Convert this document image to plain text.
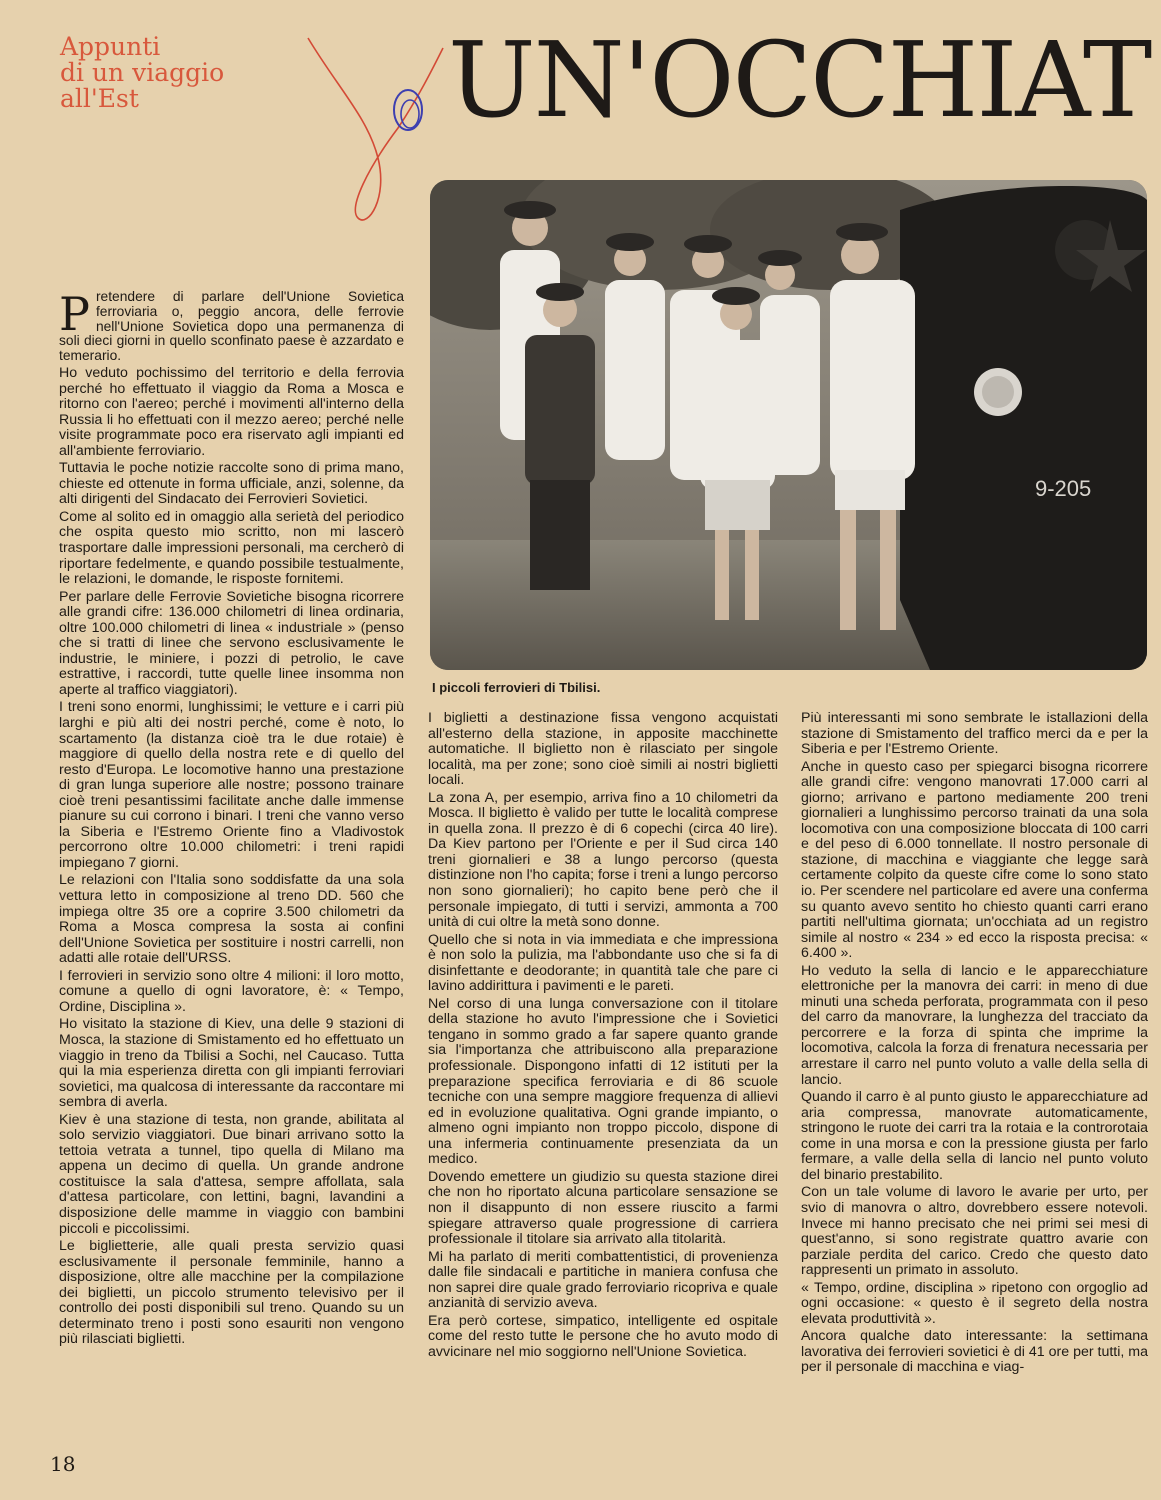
Appunti
di un viaggio
all'Est	UN'OCCHIAT
9-205
I piccoli ferrovieri di Tbilisi.

Pretendere di parlare dell'Unione Sovietica ferroviaria o, peggio ancora, delle ferrovie nell'Unione Sovietica dopo una permanenza di soli dieci giorni in quello sconfinato paese è azzardato e temerario.

Ho veduto pochissimo del territorio e della ferrovia perché ho effettuato il viaggio da Roma a Mosca e ritorno con l'aereo; perché i movimenti all'interno della Russia li ho effettuati con il mezzo aereo; perché nelle visite programmate poco era riservato agli impianti ed all'ambiente ferroviario.

Tuttavia le poche notizie raccolte sono di prima mano, chieste ed ottenute in forma ufficiale, anzi, solenne, da alti dirigenti del Sindacato dei Ferrovieri Sovietici.

Come al solito ed in omaggio alla serietà del periodico che ospita questo mio scritto, non mi lascerò trasportare dalle impressioni personali, ma cercherò di riportare fedelmente, e quando possibile testualmente, le relazioni, le domande, le risposte fornitemi.

Per parlare delle Ferrovie Sovietiche bisogna ricorrere alle grandi cifre: 136.000 chilometri di linea ordinaria, oltre 100.000 chilometri di linea « industriale » (penso che si tratti di linee che servono esclusivamente le industrie, le miniere, i pozzi di petrolio, le cave estrattive, i raccordi, tutte quelle linee insomma non aperte al traffico viaggiatori).

I treni sono enormi, lunghissimi; le vetture e i carri più larghi e più alti dei nostri perché, come è noto, lo scartamento (la distanza cioè tra le due rotaie) è maggiore di quello della nostra rete e di quello del resto d'Europa. Le locomotive hanno una prestazione di gran lunga superiore alle nostre; possono trainare cioè treni pesantissimi facilitate anche dalle immense pianure su cui corrono i binari. I treni che vanno verso la Siberia e l'Estremo Oriente fino a Vladivostok percorrono oltre 10.000 chilometri: i treni rapidi impiegano 7 giorni.

Le relazioni con l'Italia sono soddisfatte da una sola vettura letto in composizione al treno DD. 560 che impiega oltre 35 ore a coprire 3.500 chilometri da Roma a Mosca compresa la sosta ai confini dell'Unione Sovietica per sostituire i nostri carrelli, non adatti alle rotaie dell'URSS.

I ferrovieri in servizio sono oltre 4 milioni: il loro motto, comune a quello di ogni lavoratore, è: « Tempo, Ordine, Disciplina ».

Ho visitato la stazione di Kiev, una delle 9 stazioni di Mosca, la stazione di Smistamento ed ho effettuato un viaggio in treno da Tbilisi a Sochi, nel Caucaso. Tutta qui la mia esperienza diretta con gli impianti ferroviari sovietici, ma qualcosa di interessante da raccontare mi sembra di averla.

Kiev è una stazione di testa, non grande, abilitata al solo servizio viaggiatori. Due binari arrivano sotto la tettoia vetrata a tunnel, tipo quella di Milano ma appena un decimo di quella. Un grande androne costituisce la sala d'attesa, sempre affollata, sala d'attesa particolare, con lettini, bagni, lavandini a disposizione delle mamme in viaggio con bambini piccoli e piccolissimi.

Le biglietterie, alle quali presta servizio quasi esclusivamente il personale femminile, hanno a disposizione, oltre alle macchine per la compilazione dei biglietti, un piccolo strumento televisivo per il controllo dei posti disponibili sul treno. Quando su un determinato treno i posti sono esauriti non vengono più rilasciati biglietti.

I biglietti a destinazione fissa vengono acquistati all'esterno della stazione, in apposite macchinette automatiche. Il biglietto non è rilasciato per singole località, ma per zone; sono cioè simili ai nostri biglietti locali.

La zona A, per esempio, arriva fino a 10 chilometri da Mosca. Il biglietto è valido per tutte le località comprese in quella zona. Il prezzo è di 6 copechi (circa 40 lire). Da Kiev partono per l'Oriente e per il Sud circa 140 treni giornalieri e 38 a lungo percorso (questa distinzione non l'ho capita; forse i treni a lungo percorso non sono giornalieri); ho capito bene però che il personale impiegato, di tutti i servizi, ammonta a 700 unità di cui oltre la metà sono donne.

Quello che si nota in via immediata e che impressiona è non solo la pulizia, ma l'abbondante uso che si fa di disinfettante e deodorante; in quantità tale che pare ci lavino addirittura i pavimenti e le pareti.

Nel corso di una lunga conversazione con il titolare della stazione ho avuto l'impressione che i Sovietici tengano in sommo grado a far sapere quanto grande sia l'importanza che attribuiscono alla preparazione professionale. Dispongono infatti di 12 istituti per la preparazione specifica ferroviaria e di 86 scuole tecniche con una sempre maggiore frequenza di allievi ed in evoluzione qualitativa. Ogni grande impianto, o almeno ogni impianto non troppo piccolo, dispone di una infermeria continuamente presenziata da un medico.

Dovendo emettere un giudizio su questa stazione direi che non ho riportato alcuna particolare sensazione se non il disappunto di non essere riuscito a farmi spiegare attraverso quale progressione di carriera professionale il titolare sia arrivato alla titolarità.

Mi ha parlato di meriti combattentistici, di provenienza dalle file sindacali e partitiche in maniera confusa che non saprei dire quale grado ferroviario ricopriva e quale anzianità di servizio aveva.

Era però cortese, simpatico, intelligente ed ospitale come del resto tutte le persone che ho avuto modo di avvicinare nel mio soggiorno nell'Unione Sovietica.

Più interessanti mi sono sembrate le istallazioni della stazione di Smistamento del traffico merci da e per la Siberia e per l'Estremo Oriente.

Anche in questo caso per spiegarci bisogna ricorrere alle grandi cifre: vengono manovrati 17.000 carri al giorno; arrivano e partono mediamente 200 treni giornalieri a lunghissimo percorso trainati da una sola locomotiva con una composizione bloccata di 100 carri e del peso di 6.000 tonnellate. Il nostro personale di stazione, di macchina e viaggiante che legge sarà certamente colpito da queste cifre come lo sono stato io. Per scendere nel particolare ed avere una conferma su quanto avevo sentito ho chiesto quanti carri erano partiti nell'ultima giornata; un'occhiata ad un registro simile al nostro « 234 » ed ecco la risposta precisa: « 6.400 ».

Ho veduto la sella di lancio e le apparecchiature elettroniche per la manovra dei carri: in meno di due minuti una scheda perforata, programmata con il peso del carro da manovrare, la lunghezza del tracciato da percorrere e la forza di spinta che imprime la locomotiva, calcola la forza di frenatura necessaria per arrestare il carro nel punto voluto a valle della sella di lancio.

Quando il carro è al punto giusto le apparecchiature ad aria compressa, manovrate automaticamente, stringono le ruote dei carri tra la rotaia e la controrotaia come in una morsa e con la pressione giusta per farlo fermare, a valle della sella di lancio nel punto voluto del binario prestabilito.

Con un tale volume di lavoro le avarie per urto, per svio di manovra o altro, dovrebbero essere notevoli. Invece mi hanno precisato che nei primi sei mesi di quest'anno, si sono registrate quattro avarie con parziale perdita del carico. Credo che questo dato rappresenti un primato in assoluto.

« Tempo, ordine, disciplina » ripetono con orgoglio ad ogni occasione: « questo è il segreto della nostra elevata produttività ».

Ancora qualche dato interessante: la settimana lavorativa dei ferrovieri sovietici è di 41 ore per tutti, ma per il personale di macchina e viag-

18
